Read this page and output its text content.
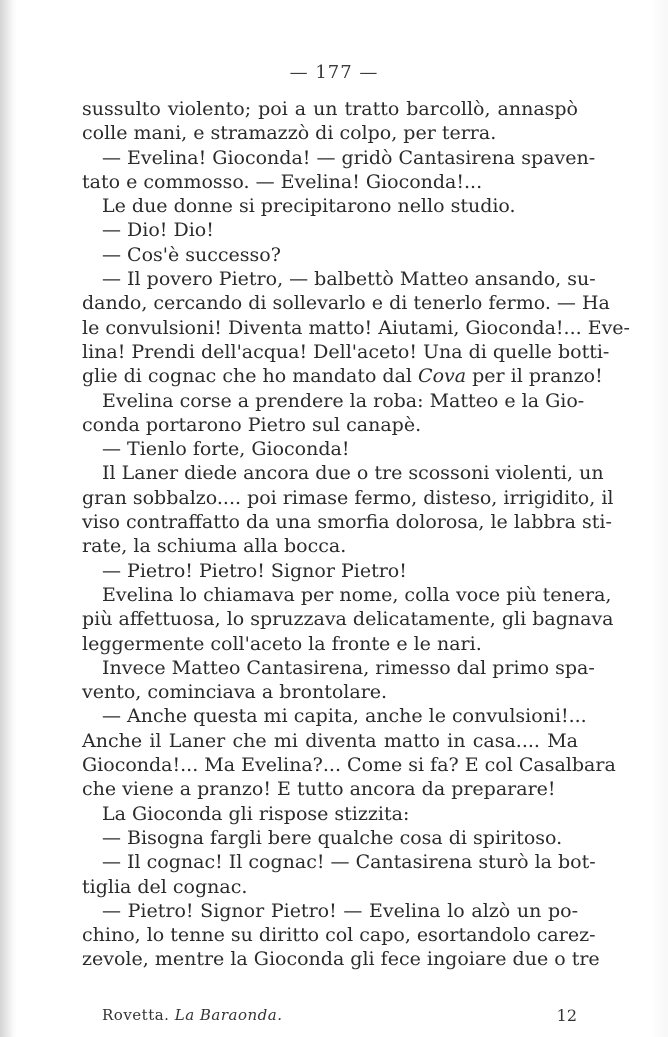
— 177 —
sussulto violento; poi a un tratto barcollò, annaspò
colle mani, e stramazzò di colpo, per terra.
— Evelina! Gioconda! — gridò Cantasirena spaven-
tato e commosso. — Evelina! Gioconda!...
Le due donne si precipitarono nello studio.
— Dio! Dio!
— Cos'è successo?
— Il povero Pietro, — balbettò Matteo ansando, su-
dando, cercando di sollevarlo e di tenerlo fermo. — Ha
le convulsioni! Diventa matto! Aiutami, Gioconda!... Eve-
lina! Prendi dell'acqua! Dell'aceto! Una di quelle botti-
glie di cognac che ho mandato dal Cova per il pranzo!
Evelina corse a prendere la roba: Matteo e la Gio-
conda portarono Pietro sul canapè.
— Tienlo forte, Gioconda!
Il Laner diede ancora due o tre scossoni violenti, un
gran sobbalzo.... poi rimase fermo, disteso, irrigidito, il
viso contraffatto da una smorfia dolorosa, le labbra sti-
rate, la schiuma alla bocca.
— Pietro! Pietro! Signor Pietro!
Evelina lo chiamava per nome, colla voce più tenera,
più affettuosa, lo spruzzava delicatamente, gli bagnava
leggermente coll'aceto la fronte e le nari.
Invece Matteo Cantasirena, rimesso dal primo spa-
vento, cominciava a brontolare.
— Anche questa mi capita, anche le convulsioni!...
Anche il Laner che mi diventa matto in casa.... Ma
Gioconda!... Ma Evelina?... Come si fa? E col Casalbara
che viene a pranzo! E tutto ancora da preparare!
La Gioconda gli rispose stizzita:
— Bisogna fargli bere qualche cosa di spiritoso.
— Il cognac! Il cognac! — Cantasirena sturò la bot-
tiglia del cognac.
— Pietro! Signor Pietro! — Evelina lo alzò un po-
chino, lo tenne su diritto col capo, esortandolo carez-
zevole, mentre la Gioconda gli fece ingoiare due o tre
Rovetta. La Baraonda.	12
